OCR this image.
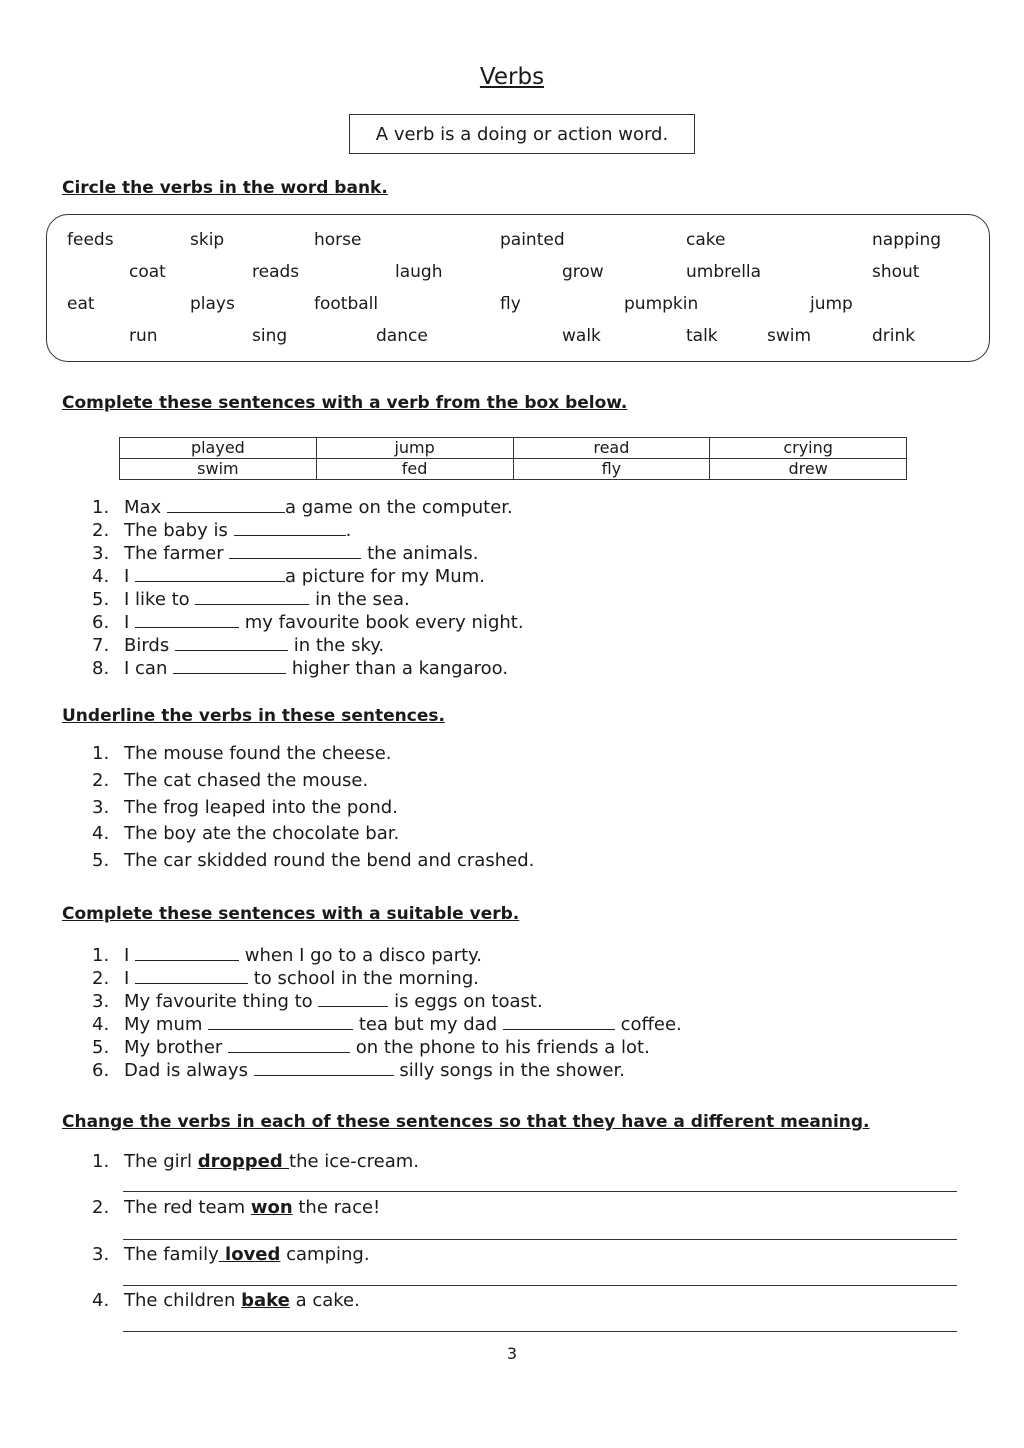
Verbs
A verb is a doing or action word.
Circle the verbs in the word bank.
feeds	skip	horse	painted	cake	napping
coat	reads	laugh	grow	umbrella	shout
eat	plays	football	fly	pumpkin	jump
run	sing	dance	walk	talk	swim	drink
Complete these sentences with a verb from the box below.
played	jump	read	crying
swim	fed	fly	drew
1. Max	a game on the computer.
2. The baby is	.
3. The farmer	the animals.
4. I	a picture for my Mum.
5. I like to	in the sea.
6. I	my favourite book every night.
7. Birds	in the sky.
8. I can	higher than a kangaroo.
Underline the verbs in these sentences.
1. The mouse found the cheese.
2. The cat chased the mouse.
3. The frog leaped into the pond.
4. The boy ate the chocolate bar.
5. The car skidded round the bend and crashed.
Complete these sentences with a suitable verb.
1. I	when I go to a disco party.
2. I	to school in the morning.
3. My favourite thing to	is eggs on toast.
4. My mum	tea but my dad	coffee.
5. My brother	on the phone to his friends a lot.
6. Dad is always	silly songs in the shower.
Change the verbs in each of these sentences so that they have a different meaning.
1. The girl dropped the ice-cream.
2. The red team won the race!
3. The family loved camping.
4. The children bake a cake.
3
